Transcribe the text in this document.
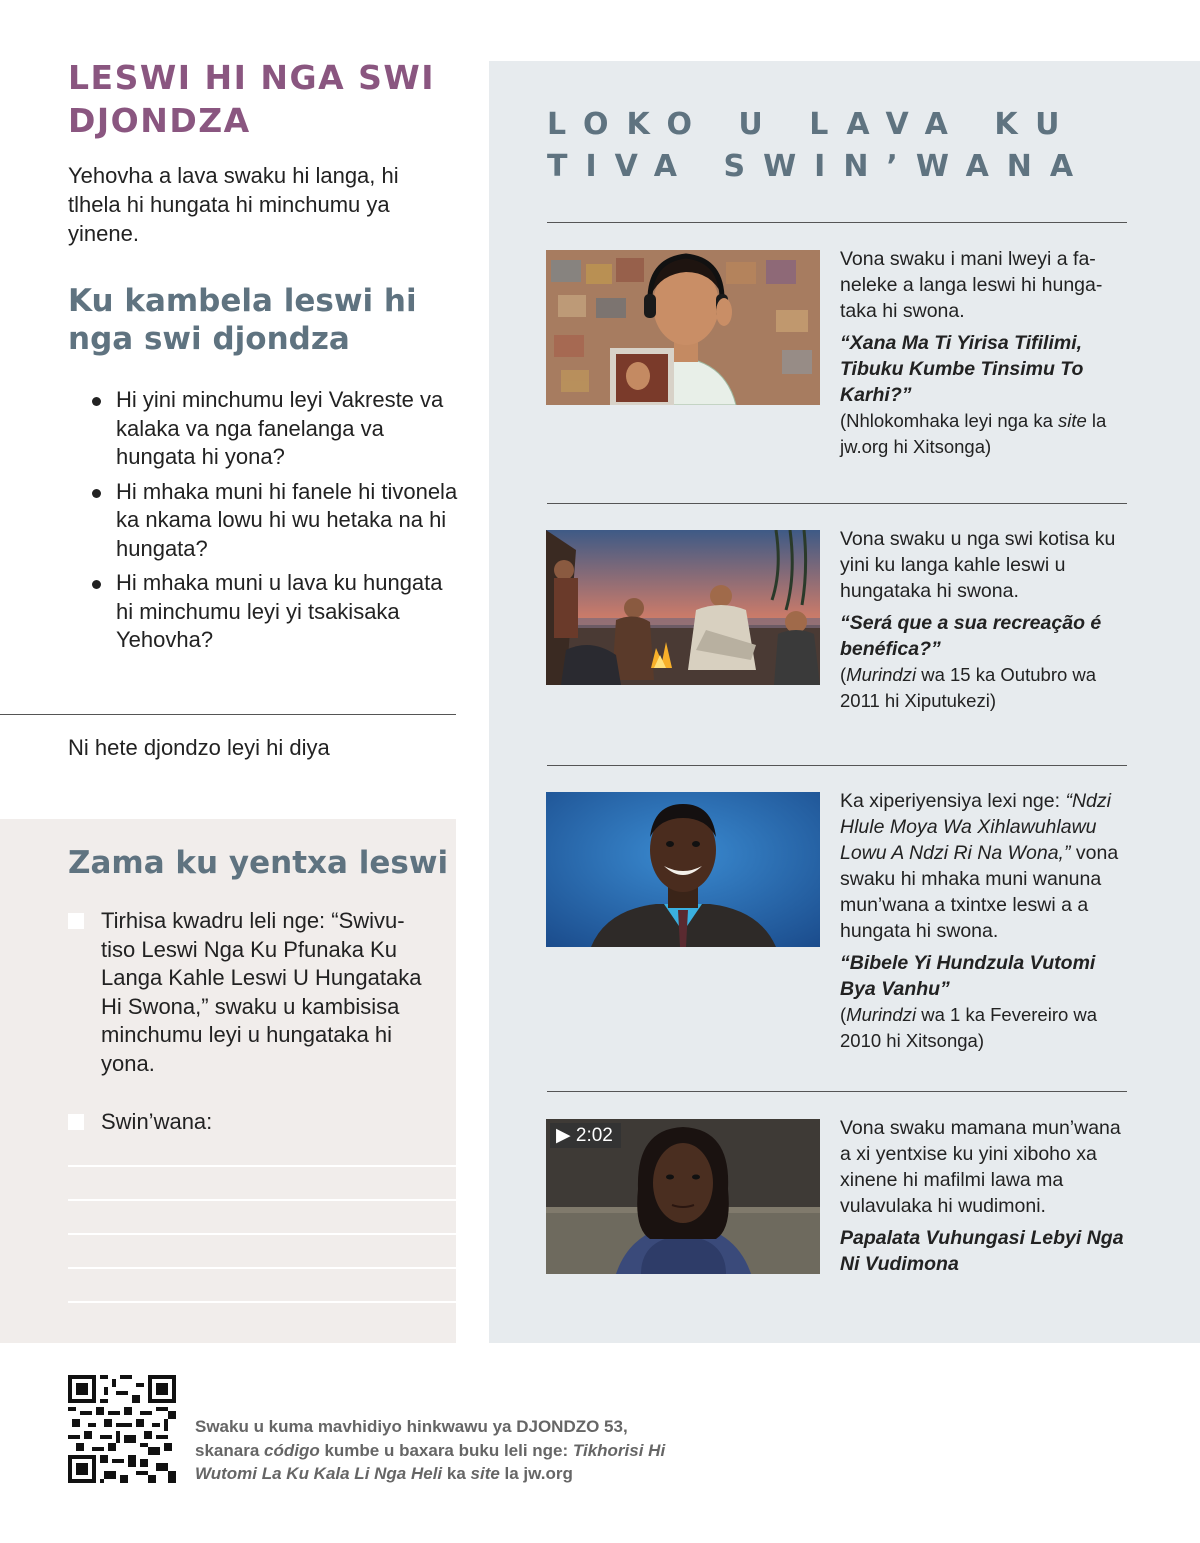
LESWI HI NGA SWI DJONDZA

Yehovha a lava swaku hi langa, hi tlhela hi hungata hi minchumu ya yinene.

Ku kambela leswi hi nga swi djondza
Hi yini minchumu leyi Vakreste va kalaka va nga fanelanga va hungata hi yona?
Hi mhaka muni hi fanele hi tivonela ka nkama lowu hi wu hetaka na hi hungata?
Hi mhaka muni u lava ku hungata hi minchumu leyi yi tsakisaka Yehovha?

Ni hete djondzo leyi hi diya

Zama ku yentxa leswi

Tirhisa kwadru leli nge: “Swivutiso Leswi Nga Ku Pfunaka Ku Langa Kahle Leswi U Hungataka Hi Swona,” swaku u kambisisa minchumu leyi u hungataka hi yona.

Swin’wana:

LOKO U LAVA KU TIVA SWIN’WANA

Vona swaku i mani lweyi a faneleke a langa leswi hi hungataka hi swona.

“Xana Ma Ti Yirisa Tifilimi, Tibuku Kumbe Tinsimu To Karhi?”

(Nhlokomhaka leyi nga ka site la jw.org hi Xitsonga)

Vona swaku u nga swi kotisa ku yini ku langa kahle leswi u hungataka hi swona.

“Será que a sua recreação é benéfica?”

(Murindzi wa 15 ka Outubro wa 2011 hi Xiputukezi)

Ka xiperiyensiya lexi nge: “Ndzi Hlule Moya Wa Xihlawuhlawu Lowu A Ndzi Ri Na Wona,” vona swaku hi mhaka muni wanuna mun’wana a txintxe leswi a a hungata hi swona.

“Bibele Yi Hundzula Vutomi Bya Vanhu”

(Murindzi wa 1 ka Fevereiro wa 2010 hi Xitsonga)

▶ 2:02	Vona swaku mamana mun’wana a xi yentxise ku yini xiboho xa xinene hi mafilmi lawa ma vulavulaka hi wudimoni.

Papalata Vuhungasi Lebyi Nga Ni Vudimona

Swaku u kuma mavhidiyo hinkwawu ya DJONDZO 53, skanara código kumbe u baxara buku leli nge: Tikhorisi Hi Wutomi La Ku Kala Li Nga Heli ka site la jw.org
